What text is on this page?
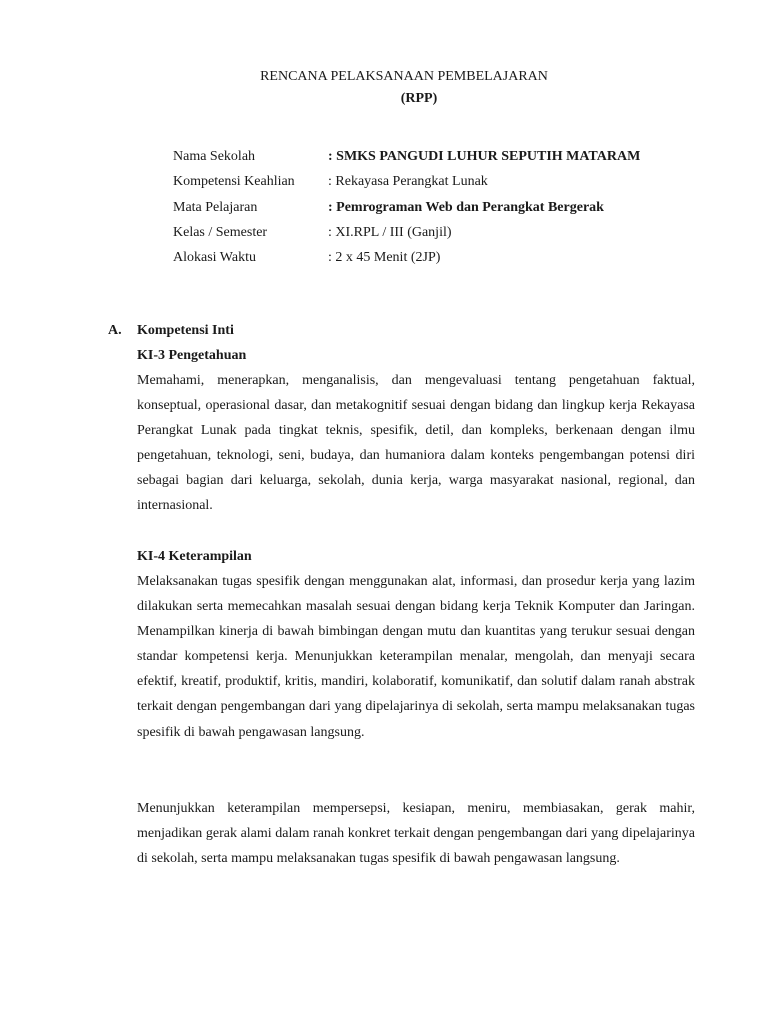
RENCANA PELAKSANAAN PEMBELAJARAN
(RPP)
Nama Sekolah	: SMKS PANGUDI LUHUR SEPUTIH MATARAM
Kompetensi Keahlian : Rekayasa Perangkat Lunak
Mata Pelajaran	: Pemrograman Web dan Perangkat Bergerak
Kelas / Semester	: XI.RPL / III (Ganjil)
Alokasi Waktu	: 2 x 45 Menit (2JP)
A. Kompetensi Inti
KI-3 Pengetahuan

Memahami, menerapkan, menganalisis, dan mengevaluasi tentang pengetahuan faktual, konseptual, operasional dasar, dan metakognitif sesuai dengan bidang dan lingkup kerja Rekayasa Perangkat Lunak pada tingkat teknis, spesifik, detil, dan kompleks, berkenaan dengan ilmu pengetahuan, teknologi, seni, budaya, dan humaniora dalam konteks pengembangan potensi diri sebagai bagian dari keluarga, sekolah, dunia kerja, warga masyarakat nasional, regional, dan internasional.

KI-4 Keterampilan

Melaksanakan tugas spesifik dengan menggunakan alat, informasi, dan prosedur kerja yang lazim dilakukan serta memecahkan masalah sesuai dengan bidang kerja Teknik Komputer dan Jaringan. Menampilkan kinerja di bawah bimbingan dengan mutu dan kuantitas yang terukur sesuai dengan standar kompetensi kerja. Menunjukkan keterampilan menalar, mengolah, dan menyaji secara efektif, kreatif, produktif, kritis, mandiri, kolaboratif, komunikatif, dan solutif dalam ranah abstrak terkait dengan pengembangan dari yang dipelajarinya di sekolah, serta mampu melaksanakan tugas spesifik di bawah pengawasan langsung.

Menunjukkan keterampilan mempersepsi, kesiapan, meniru, membiasakan, gerak mahir, menjadikan gerak alami dalam ranah konkret terkait dengan pengembangan dari yang dipelajarinya di sekolah, serta mampu melaksanakan tugas spesifik di bawah pengawasan langsung.
